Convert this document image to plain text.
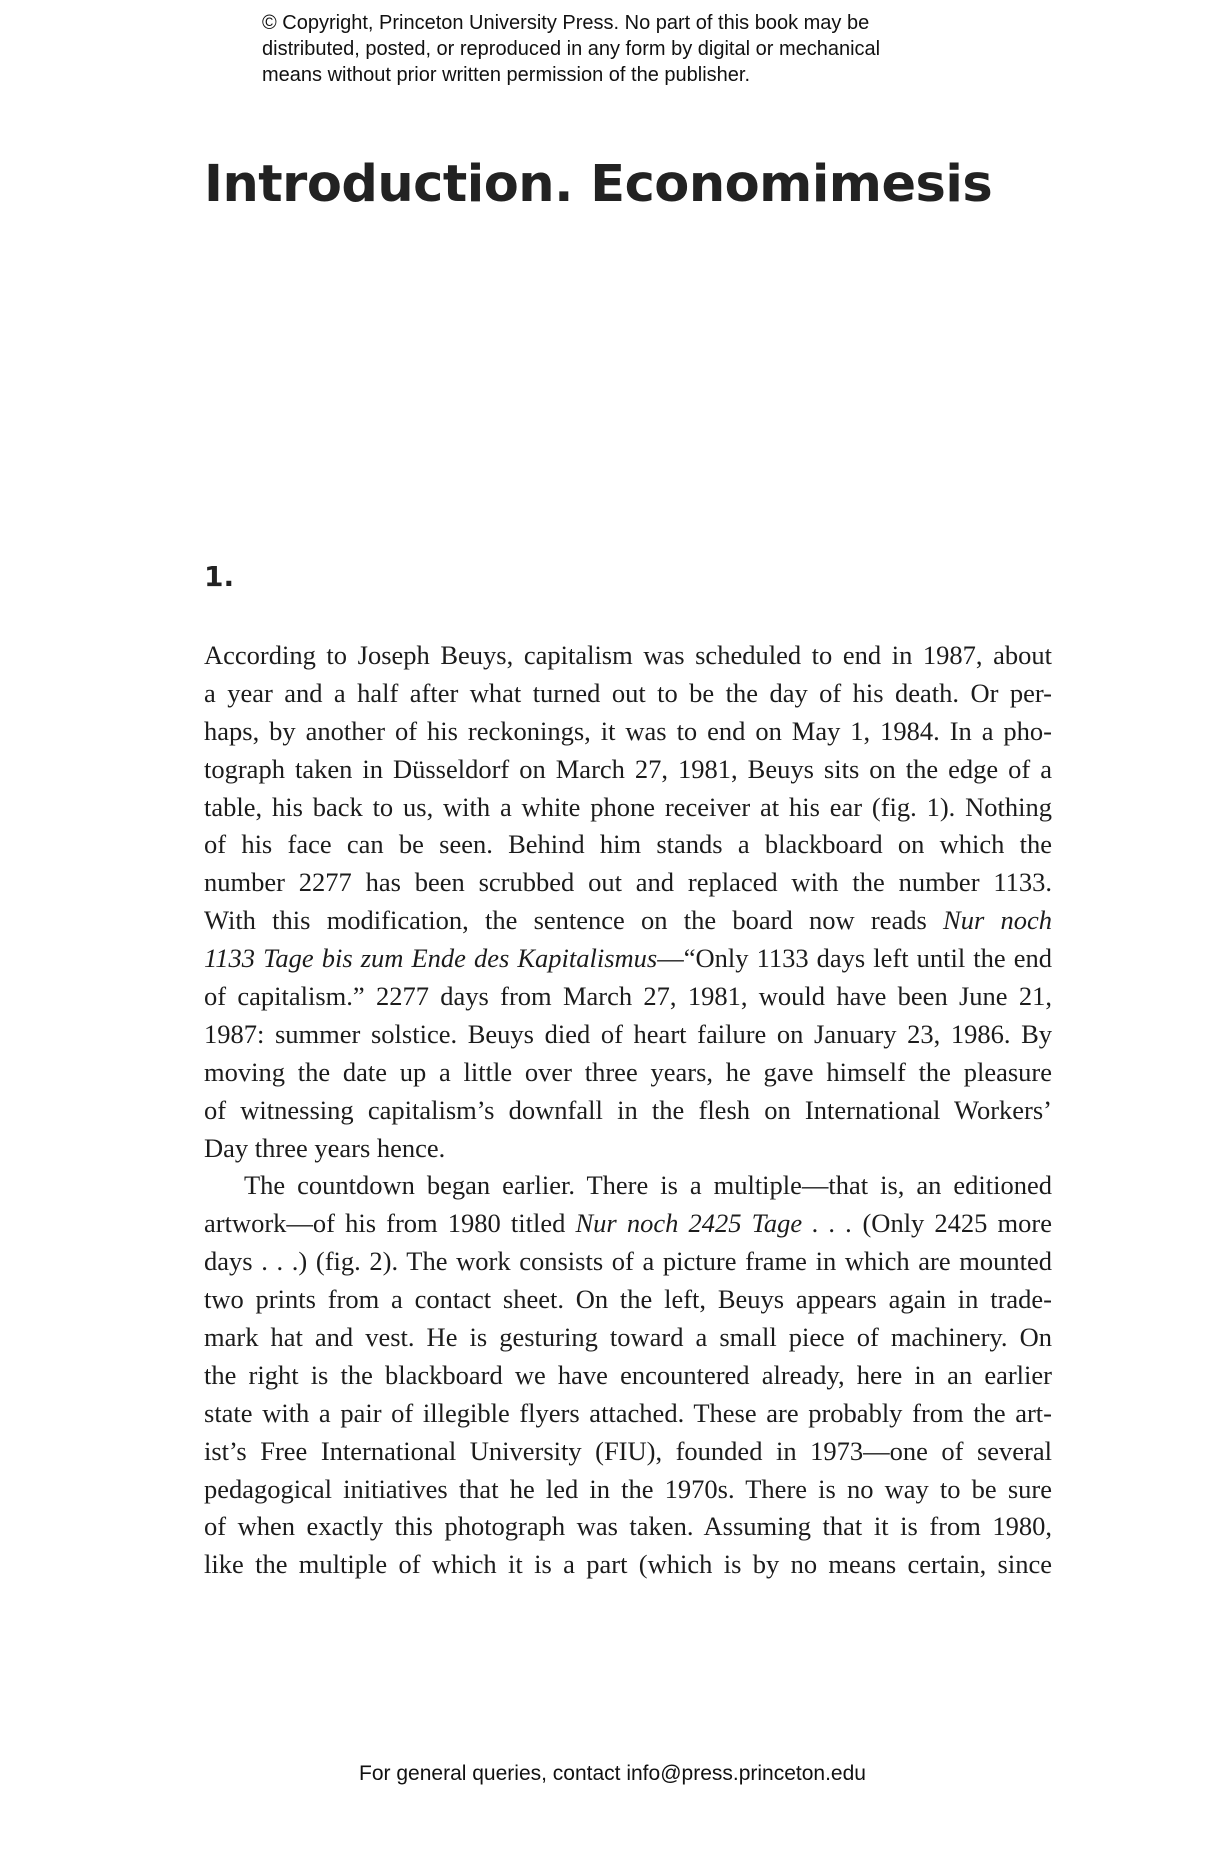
© Copyright, Princeton University Press. No part of this book may be

distributed, posted, or reproduced in any form by digital or mechanical

means without prior written permission of the publisher.

Introduction. Economimesis
1.
According to Joseph Beuys, capitalism was scheduled to end in 1987, about
a year and a half after what turned out to be the day of his death. Or per-
haps, by another of his reckonings, it was to end on May 1, 1984. In a pho-
tograph taken in Düsseldorf on March 27, 1981, Beuys sits on the edge of a
table, his back to us, with a white phone receiver at his ear (fig. 1). Nothing
of his face can be seen. Behind him stands a blackboard on which the
number 2277 has been scrubbed out and replaced with the number 1133.
With this modification, the sentence on the board now reads Nur noch
1133 Tage bis zum Ende des Kapitalismus—“Only 1133 days left until the end
of capitalism.” 2277 days from March 27, 1981, would have been June 21,
1987: summer solstice. Beuys died of heart failure on January 23, 1986. By
moving the date up a little over three years, he gave himself the pleasure
of witnessing capitalism’s downfall in the flesh on International Workers’
Day three years hence.
The countdown began earlier. There is a multiple—that is, an editioned
artwork—of his from 1980 titled Nur noch 2425 Tage . . . (Only 2425 more
days . . .) (fig. 2). The work consists of a picture frame in which are mounted
two prints from a contact sheet. On the left, Beuys appears again in trade-
mark hat and vest. He is gesturing toward a small piece of machinery. On
the right is the blackboard we have encountered already, here in an earlier
state with a pair of illegible flyers attached. These are probably from the art-
ist’s Free International University (FIU), founded in 1973—one of several
pedagogical initiatives that he led in the 1970s. There is no way to be sure
of when exactly this photograph was taken. Assuming that it is from 1980,
like the multiple of which it is a part (which is by no means certain, since
For general queries, contact info@press.princeton.edu
